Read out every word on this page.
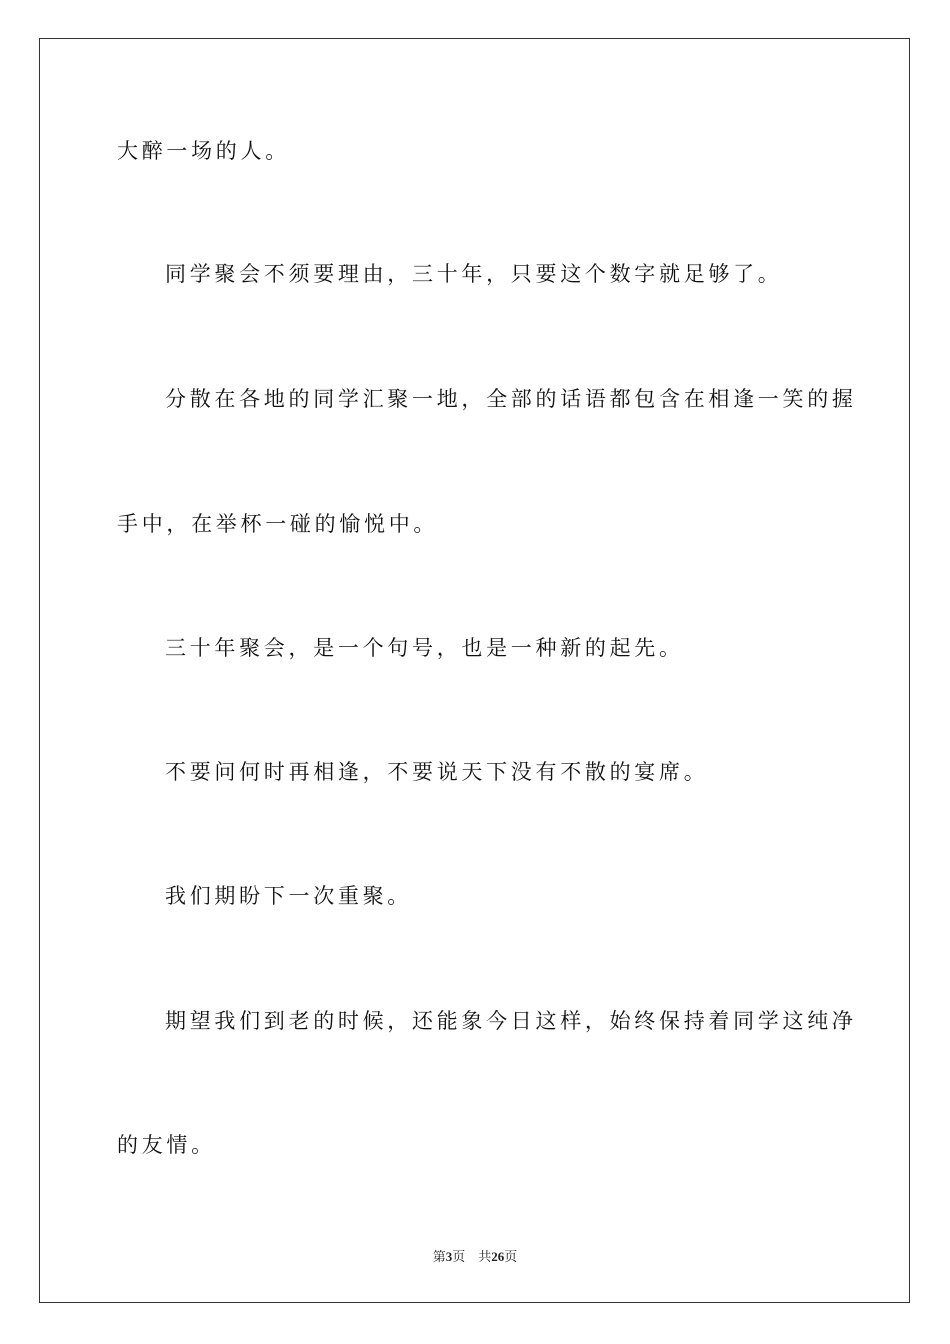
大醉一场的人。
同学聚会不须要理由，三十年，只要这个数字就足够了。
分散在各地的同学汇聚一地，全部的话语都包含在相逢一笑的握
手中，在举杯一碰的愉悦中。
三十年聚会，是一个句号，也是一种新的起先。
不要问何时再相逢，不要说天下没有不散的宴席。
我们期盼下一次重聚。
期望我们到老的时候，还能象今日这样，始终保持着同学这纯净
的友情。
第3页 共26页
